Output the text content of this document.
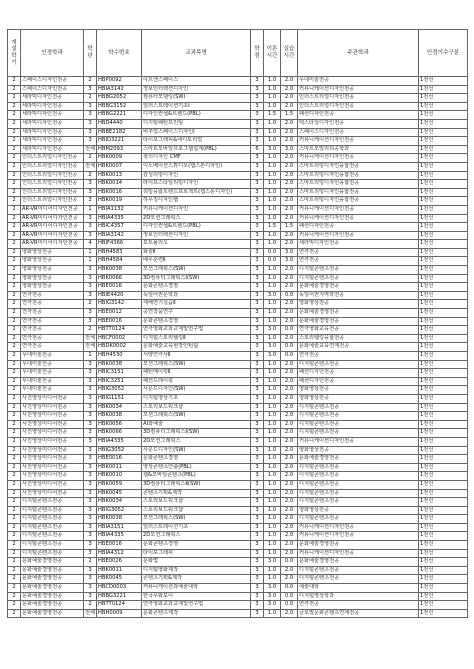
개설학기	인정학과	학년	학수번호	교과목명	학점	이론시간	실습시간	주관학과	인정이수구분
2	스페이스디자인전공	2	HBP0092	아트앤스페이스	3	1.0	2.0	무대미술전공	1전선
2	스페이스디자인전공	3	HBIA3142	정보인터랙션디자인	3	1.0	2.0	커뮤니케이션디자인전공	1전선
2	세라믹디자인전공	2	HBBG2052	컴퓨터모델링(SW)	3	1.0	2.0	인더스트리얼디자인전공	1전선
2	세라믹디자인전공	3	HBBG3152	일러스트레이션기초Ⅰ	3	1.0	2.0	인더스트리얼디자인전공	1전선
2	세라믹디자인전공	3	HBBG2221	디자인컨셉&트렌드(PBL)	3	1.5	1.5	패션디자인전공	1전선
2	세라믹디자인전공	3	HBD4440	디지털패턴프린팅	3	1.0	2.0	텍스타일디자인전공	1전선
2	세라믹디자인전공	3	HBBE2182	버추얼스페이스디자인Ⅰ	3	1.0	2.0	스페이스디자인전공	1전선
2	세라믹디자인전공	3	HBID3221	타이포그래피&에디토리얼	3	1.0	2.0	커뮤니케이션디자인전공	1전선
2	세라믹디자인전공	전체	HBM2093	스마트모바일프로그램설계(PBL)	6	3.0	3.0	스마트모빌리티공학과	1전선
2	인더스트리얼디자인전공	2	HBK0009	창의디자인 CMF	3	1.0	2.0	커뮤니케이션디자인전공	1전선
2	인더스트리얼디자인전공	전체	HBK0007	이노베이션스튜디오(캡스톤디자인)	3	1.0	2.0	스마트리빙디자인융합전공	1전선
2	인더스트리얼디자인전공	2	HBK0013	감성리빙디자인	3	1.0	2.0	스마트리빙디자인융합전공	1전선
2	인더스트리얼디자인전공	3	HBK0014	라이프스타일리빙디자인	3	1.0	2.0	스마트리빙디자인융합전공	1전선
2	인더스트리얼디자인전공	3	HBK0016	리빙융합트렌드프로젝트(캡스톤디자인)	3	1.0	2.0	스마트리빙디자인융합전공	1전선
2	인더스트리얼디자인전공	3	HBK0019	하우징디자인랩	3	1.0	2.0	스마트리빙디자인융합전공	1전선
2	AR-VR미디어디자인전공	1	HBIA1132	커뮤니케이션디자인	3	1.0	2.0	커뮤니케이션디자인전공	1전선
2	AR-VR미디어디자인전공	3	HBIA4335	2D모션그래픽스	3	1.0	2.0	커뮤니케이션디자인전공	1전선
2	AR-VR미디어디자인전공	3	HBIC4357	디자인컨셉&트렌드(PBL)	3	1.5	1.5	패션디자인전공	1전선
2	AR-VR미디어디자인전공	3	HBIA3142	정보인터랙션디자인	3	1.0	2.0	커뮤니케이션디자인전공	1전선
2	AR-VR미디어디자인전공	4	HBIF4366	포트폴리오	3	1.0	2.0	세라믹디자인전공	1전선
2	영화영상전공	1	HBH4583	화술Ⅱ	3	0.0	3.0	연극전공	1전선
2	영화영상전공	1	HBH4584	배우훈련Ⅱ	3	0.0	3.0	연극전공	1전선
2	영화영상전공	3	HBK0038	모션그래픽스(SW)	3	1.0	2.0	디지털콘텐츠전공	1전선
2	영화영상전공	3	HBK0066	3D컴퓨터그래픽스Ⅰ(SW)	3	1.0	2.0	디지털콘텐츠전공	1전선
2	영화영상전공	3	HBE0016	문화콘텐츠경영	3	1.0	2.0	문화예술경영전공	1전선
2	연극전공	3	HBIE4420	독일어권문학과	3	3.0	0.0	독일어권지역학전공	1전선
2	연극전공	2	HBIG3142	재해연기실습Ⅱ	3	1.0	2.0	영화영상전공	1전선
2	연극전공	3	HBE0012	공연작품연구	3	1.0	2.0	문화예술경영전공	1전선
2	연극전공	3	HBE0016	문화콘텐츠경영	3	1.0	2.0	문화예술경영전공	1전선
2	연극전공	2	HBTT0124	연극영화교과교재및연구법	3	3.0	0.0	연극영화교육전공	1전선
2	연극전공	전체	HBCF0002	디지털스토리텔링Ⅱ	3	1.0	2.0	스토리텔링융합전공	1전선
2	연극전공	전체	HBDK0002	문화예술교육현장인턴쉽	3	3.0	0.0	문화예술교육연계전공	1전선
2	무대미술전공	1	HBH4530	서양연극사Ⅱ	3	3.0	0.0	연극전공	1전선
2	무대미술전공	3	HBK0038	모션그래픽스(SW)	3	1.0	2.0	디지털콘텐츠전공	1전선
2	무대미술전공	3	HBIC3151	패턴메이킹Ⅱ	3	1.0	2.0	패션디자인전공	1전선
2	무대미술전공	3	HBIC3251	패션드레이핑	3	1.0	2.0	패션디자인전공	1전선
2	무대미술전공	3	HBIG3052	사운드디자인(SW)	3	1.0	2.0	영화영상전공	1전선
2	사진영상미디어전공	3	HBIG1151	디지털영상기초	3	1.0	2.0	영화영상전공	1전선
2	사진영상미디어전공	3	HBK0034	스토리보드워크샵	3	1.0	2.0	디지털콘텐츠전공	1전선
2	사진영상미디어전공	3	HBK0038	모션그래픽스(SW)	3	1.0	2.0	디지털콘텐츠전공	1전선
2	사진영상미디어전공	3	HBK0056	AI와예술	3	1.0	2.0	디지털콘텐츠전공	1전선
2	사진영상미디어전공	3	HBK0066	3D컴퓨터그래픽스Ⅰ(SW)	3	1.0	2.0	디지털콘텐츠전공	1전선
2	사진영상미디어전공	3	HBIA4335	2D모션그래픽스	3	1.0	2.0	커뮤니케이션디자인전공	1전선
2	사진영상미디어전공	3	HBIG3052	사운드디자인(SW)	3	1.0	2.0	영화영상전공	1전선
2	사진영상미디어전공	3	HBE0016	문화콘텐츠경영	3	1.0	2.0	문화예술경영전공	1전선
2	사진영상미디어전공	3	HBK0011	영상콘텐츠연출(PBL)	3	1.0	2.0	디지털콘텐츠전공	1전선
2	사진영상미디어전공	3	HBK0010	웹&모바일콘텐츠(PBL)	3	1.0	2.0	디지털콘텐츠전공	1전선
2	사진영상미디어전공	3	HBK0059	3D컴퓨터그래픽스Ⅱ(SW)	3	1.0	2.0	디지털콘텐츠전공	1전선
2	사진영상미디어전공	3	HBK0045	콘텐츠기획&제작	3	1.0	2.0	디지털콘텐츠전공	1전선
2	디지털콘텐츠전공	3	HBK0034	스토리보드워크샵	3	1.0	2.0	디지털콘텐츠전공	1전선
2	디지털콘텐츠전공	3	HBIG3052	스토리보드워크샵	3	1.0	2.0	영화영상전공	1전선
2	디지털콘텐츠전공	3	HBK0038	모션그래픽스(SW)	3	1.0	2.0	디지털콘텐츠전공	1전선
2	디지털콘텐츠전공	3	HBIA3151	일러스트레이션기초	3	1.0	2.0	커뮤니케이션디자인전공	1전선
2	디지털콘텐츠전공	3	HBIA4335	2D모션그래픽스	3	1.0	2.0	커뮤니케이션디자인전공	1전선
2	디지털콘텐츠전공	3	HBE0016	문화콘텐츠경영	3	1.0	2.0	문화예술경영전공	1전선
2	디지털콘텐츠전공	3	HBIA4312	타이포그래피	3	1.0	2.0	커뮤니케이션디자인전공	1전선
2	문화예술경영전공	2	HBE0026	문화법	3	3.0	0.0	문화예술경영전공	1전선
2	문화예술경영전공	3	HBK0011	디지털영화제작	3	1.0	2.0	디지털콘텐츠전공	1전선
2	문화예술경영전공	3	HBK0045	콘텐츠기획&제작	3	1.0	2.0	디지털콘텐츠전공	1전선
2	문화예술경영전공	3	HBCD0003	커뮤니케이션과예술대학	3	3.0	0.0	예술대학	1전선
2	문화예술경영전공	3	HBBG3221	한국무화포이	3	3.0	0.0	디지털영상학과	1전선
2	문화예술경영전공	2	HBTT0124	연극영화교과교재및연구법	3	3.0	0.0	연극전공	1전선
2	문화예술경영전공	전체	HBH0009	문화콘텐츠제작	3	1.0	2.0	글로벌문화콘텐츠연계전공	1전선
